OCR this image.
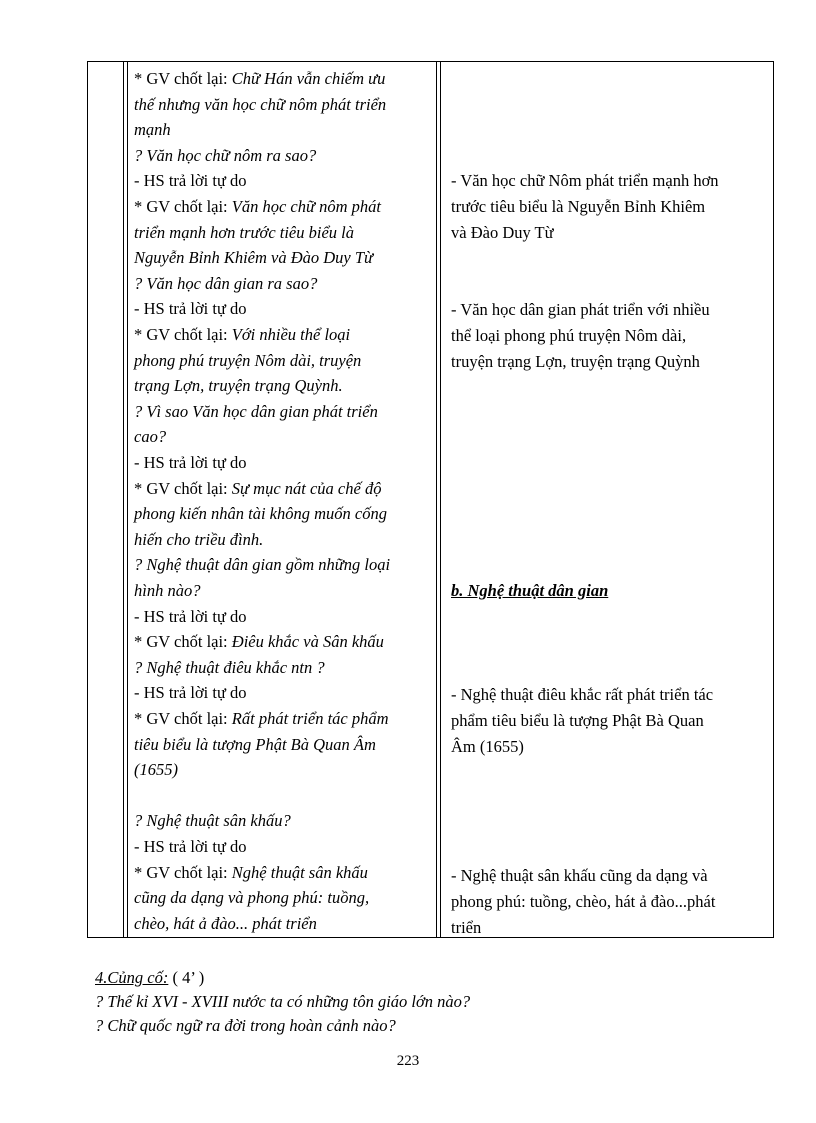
* GV chốt lại: Chữ Hán vẫn chiếm ưu
thế nhưng văn học chữ nôm phát triển
mạnh
? Văn học chữ nôm ra sao?
- HS trả lời tự do
* GV chốt lại: Văn học chữ nôm phát
triển mạnh hơn trước tiêu biểu là
Nguyễn Bỉnh Khiêm và Đào Duy Từ
? Văn học dân gian ra sao?
- HS trả lời tự do
* GV chốt lại: Với nhiều thể loại
phong phú truyện Nôm dài, truyện
trạng Lợn, truyện trạng Quỳnh.
? Vì sao Văn học dân gian phát triển
cao?
- HS trả lời tự do
* GV chốt lại: Sự mục nát của chế độ
phong kiến nhân tài không muốn cống
hiến cho triều đình.
? Nghệ thuật dân gian gồm những loại
hình nào?
- HS trả lời tự do
* GV chốt lại: Điêu khắc và Sân khấu
? Nghệ thuật điêu khắc ntn ?
- HS trả lời tự do
* GV chốt lại: Rất phát triển tác phẩm
tiêu biểu là tượng Phật Bà Quan Âm
(1655)
? Nghệ thuật sân khấu?
- HS trả lời tự do
* GV chốt lại: Nghệ thuật sân khấu
cũng da dạng và phong phú: tuồng,
chèo, hát ả đào... phát triển
- Văn học chữ Nôm phát triển mạnh hơn
trước tiêu biểu là Nguyễn Bỉnh Khiêm
và Đào Duy Từ
- Văn học dân gian phát triển với nhiều
thể loại phong phú truyện Nôm dài,
truyện trạng Lợn, truyện trạng Quỳnh
b. Nghệ thuật dân gian
- Nghệ thuật điêu khắc rất phát triển tác
phẩm tiêu biểu là tượng Phật Bà Quan
Âm (1655)
- Nghệ thuật sân khấu cũng da dạng và
phong phú: tuồng, chèo, hát ả đào...phát
triển
4.Củng cố: ( 4’ )
? Thế kỉ XVI - XVIII nước ta có những tôn giáo lớn nào?
? Chữ quốc ngữ ra đời trong hoàn cảnh nào?
223
